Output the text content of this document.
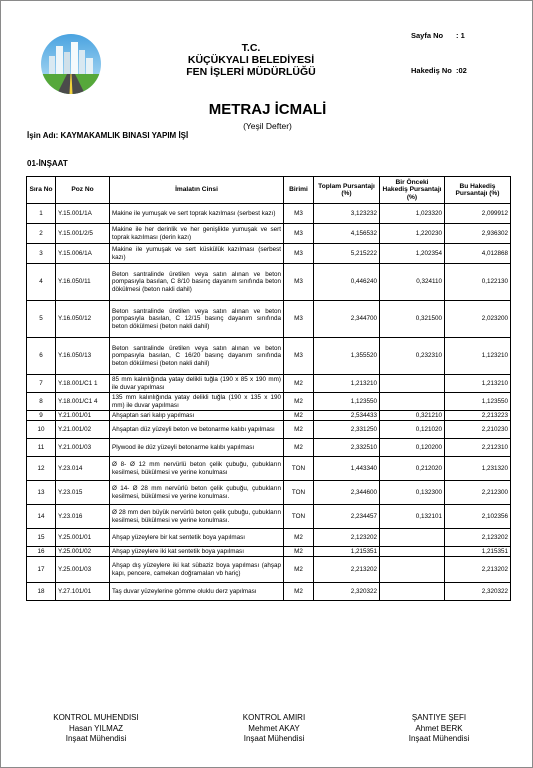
T.C.
KÜÇÜKYALI BELEDİYESİ
FEN İŞLERİ MÜDÜRLÜĞÜ
Sayfa No : 1
Hakediş No :02
METRAJ İCMALİ
(Yeşil Defter)
İşin Adı: KAYMAKAMLIK BINASI YAPIM İŞİ
01-İNŞAAT
Sıra No	Poz No	İmalatın Cinsi	Birimi	Toplam Pursantajı (%)	Bir Önceki Hakediş Pursantajı (%)	Bu Hakediş Pursantajı (%)
1	Y.15.001/1A	Makine ile yumuşak ve sert toprak kazılması (serbest kazı)	M3	3,123232	1,023320	2,099912
2	Y.15.001/2/5	Makine ile her derinlik ve her genişlikte yumuşak ve sert toprak kazılması (derin kazı)	M3	4,156532	1,220230	2,936302
3	Y.15.006/1A	Makine ile yumuşak ve sert küskülük kazılması (serbest kazı)	M3	5,215222	1,202354	4,012868
4	Y.16.050/11	Beton santralinde üretilen veya satın alınan ve beton pompasıyla basılan, C 8/10 basınç dayanım sınıfında beton dökülmesi (beton nakli dahil)	M3	0,446240	0,324110	0,122130
5	Y.16.050/12	Beton santralinde üretilen veya satın alınan ve beton pompasıyla basılan, C 12/15 basınç dayanım sınıfında beton dökülmesi (beton nakli dahil)	M3	2,344700	0,321500	2,023200
6	Y.16.050/13	Beton santralinde üretilen veya satın alınan ve beton pompasıyla basılan, C 16/20 basınç dayanım sınıfında beton dökülmesi (beton nakli dahil)	M3	1,355520	0,232310	1,123210
7	Y.18.001/C1 1	85 mm kalınlığında yatay delikli tuğla (190 x 85 x 190 mm) ile duvar yapılması	M2	1,213210		1,213210
8	Y.18.001/C1 4	135 mm kalınlığında yatay delikli tuğla (190 x 135 x 190 mm) ile duvar yapılması	M2	1,123550		1,123550
9	Y.21.001/01	Ahşaptan sari kalıp yapılması	M2	2,534433	0,321210	2,213223
10	Y.21.001/02	Ahşaptan düz yüzeyli beton ve betonarme kalıbı yapılması	M2	2,331250	0,121020	2,210230
11	Y.21.001/03	Plywood ile düz yüzeyli betonarme kalıbı yapılması	M2	2,332510	0,120200	2,212310
12	Y.23.014	Ø 8- Ø 12 mm nervürlü beton çelik çubuğu, çubukların kesilmesi, bükülmesi ve yerine konulması	TON	1,443340	0,212020	1,231320
13	Y.23.015	Ø 14- Ø 28 mm nervürlü beton çelik çubuğu, çubukların kesilmesi, bükülmesi ve yerine konulması.	TON	2,344600	0,132300	2,212300
14	Y.23.016	Ø 28 mm den büyük nervürlü beton çelik çubuğu, çubukların kesilmesi, bükülmesi ve yerine konulması.	TON	2,234457	0,132101	2,102356
15	Y.25.001/01	Ahşap yüzeylere bir kat sentetik boya yapılması	M2	2,123202		2,123202
16	Y.25.001/02	Ahşap yüzeylere iki kat sentetik boya yapılması	M2	1,215351		1,215351
17	Y.25.001/03	Ahşap dış yüzeylere iki kat sübaziz boya yapılması (ahşap kapı, pencere, camekan doğramaları vb hariç)	M2	2,213202		2,213202
18	Y.27.101/01	Taş duvar yüzeylerine gömme oluklu derz yapılması	M2	2,320322		2,320322
KONTROL MUHENDISI
Hasan YILMAZ
Inşaat Mühendisi
KONTROL AMIRI
Mehmet AKAY
Inşaat Mühendisi
ŞANTIYE ŞEFI
Ahmet BERK
Inşaat Mühendisi
